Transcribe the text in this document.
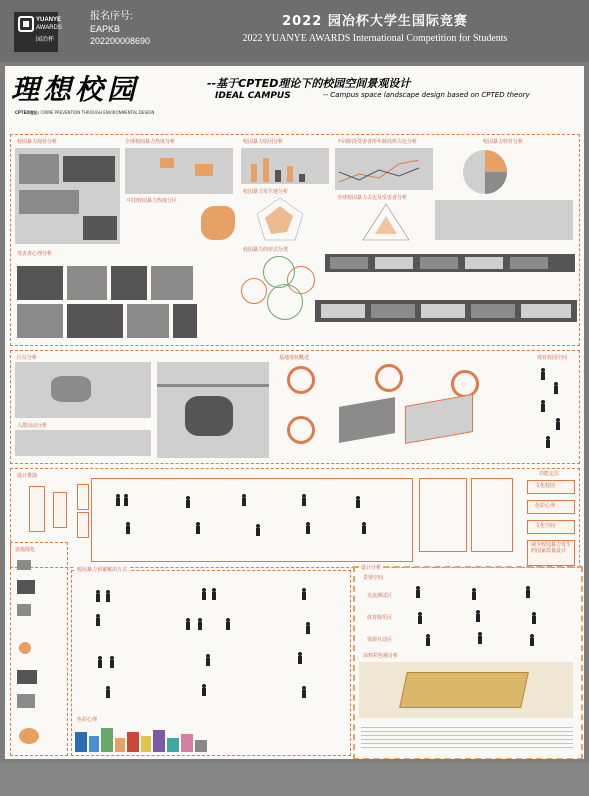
YUANYE
AWARDS
园冶杯
报名序号:
EAPKB
202200008690
2022 园冶杯大学生国际竞赛
2022 YUANYE AWARDS International Competition for Students
理想校园	--基于CPTED理论下的校园空间景观设计
IDEAL CAMPUS	-- Campus space landscape design based on CPTED theory
CPTED理论: CRIME PREVENTION THROUGH ENVIRONMENTAL DESIGN
校园暴力现状分析	全球校园暴力热度分析	校园暴力原因分析	不同阶段受害者所年龄段所占比分析	校园暴力特征分析
中国校园暴力热度分区
校园暴力发生地分析
全球校园暴力占比及受害者分析
校园暴力的形式分类
受害者心理分析
区位分析	基地现状概述	现有校园空间
人群活动分析
设计推演	功能定位
文化校园
色彩心理
文化空间
减少校园暴力发生的国家质量设计
设施演化
校园暴力预案解决方式
色彩心理
设计分析
景观空间
交流测试区
体育娱乐区
资源互动区
涂鸦彩色墙分析
